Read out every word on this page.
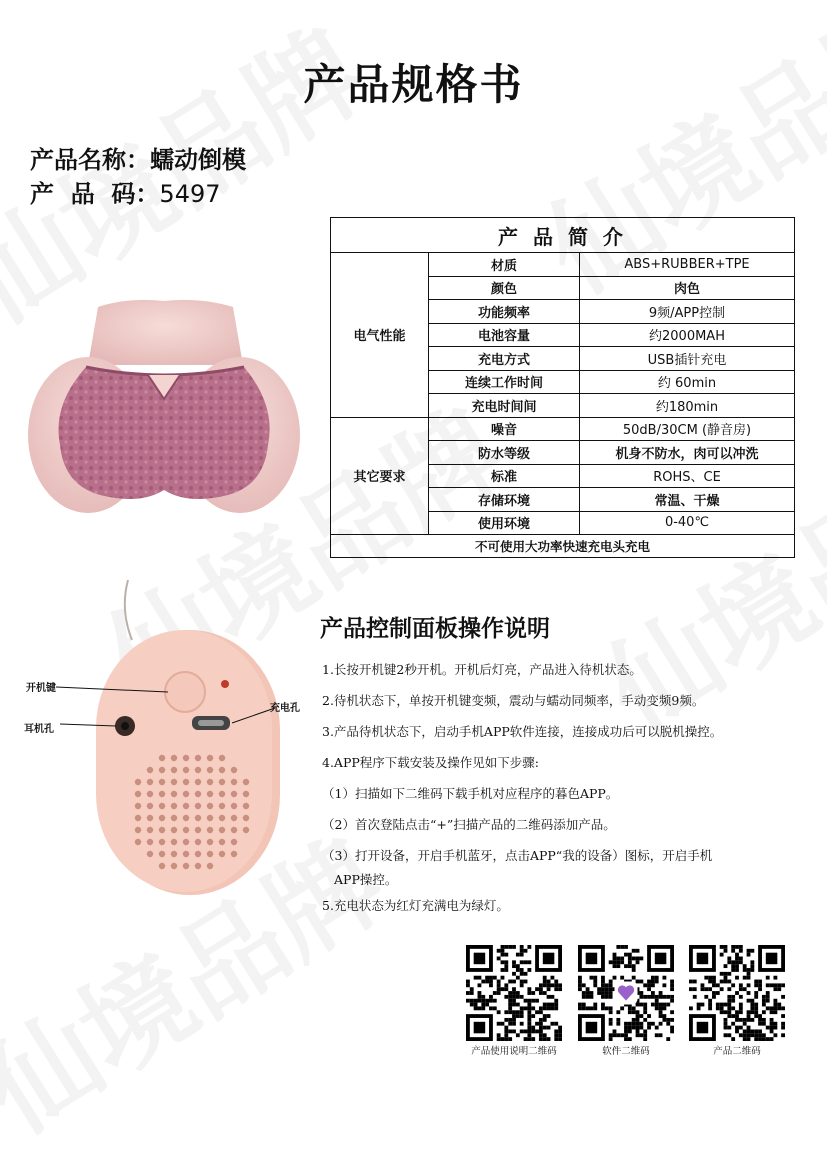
产品规格书
产品名称：蠕动倒模
产  品  码：5497
产 品 简 介		
电气性能	材质	ABS+RUBBER+TPE
	颜色	肉色
	功能频率	9频/APP控制
	电池容量	约2000MAH
	充电方式	USB插针充电
	连续工作时间	约 60min
	充电时间间	约180min
其它要求	噪音	50dB/30CM (静音房)
	防水等级	机身不防水，肉可以冲洗
	标准	ROHS、CE
	存储环境	常温、干燥
	使用环境	0-40℃
不可使用大功率快速充电头充电		
开机键
耳机孔
充电孔
产品控制面板操作说明

1.长按开机键2秒开机。开机后灯亮，产品进入待机状态。

2.待机状态下，单按开机键变频，震动与蠕动同频率，手动变频9频。

3.产品待机状态下，启动手机APP软件连接，连接成功后可以脱机操控。

4.APP程序下载安装及操作见如下步骤:

（1）扫描如下二维码下载手机对应程序的暮色APP。

（2）首次登陆点击“+”扫描产品的二维码添加产品。

（3）打开设备，开启手机蓝牙，点击APP“我的设备）图标，开启手机

APP操控。

5.充电状态为红灯充满电为绿灯。

产品使用说明二维码	软件二维码	产品二维码
